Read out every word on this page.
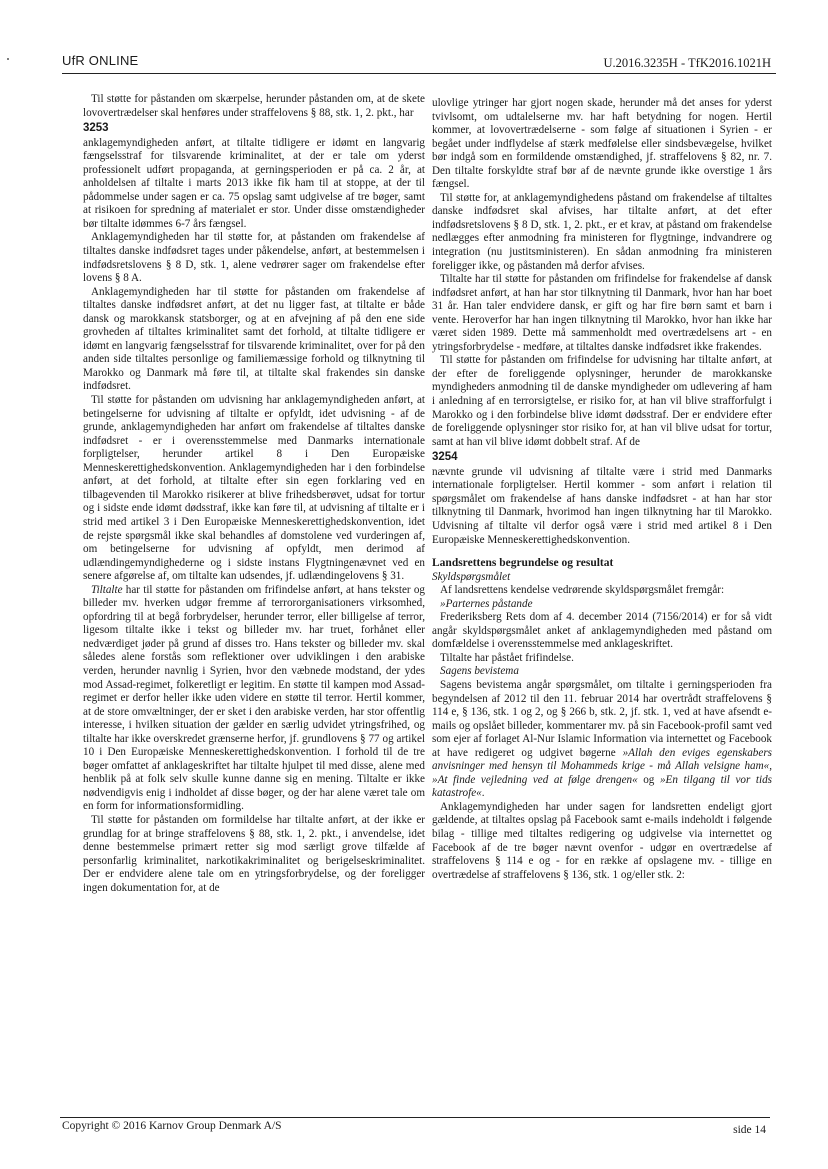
UfR ONLINE	U.2016.3235H - TfK2016.1021H

Til støtte for påstanden om skærpelse, herunder påstanden om, at de skete lovovertrædelser skal henføres under straffelovens § 88, stk. 1, 2. pkt., har

3253

anklagemyndigheden anført, at tiltalte tidligere er idømt en langvarig fængselsstraf for tilsvarende kriminalitet, at der er tale om yderst professionelt udført propaganda, at gerningsperioden er på ca. 2 år, at anholdelsen af tiltalte i marts 2013 ikke fik ham til at stoppe, at der til pådommelse under sagen er ca. 75 opslag samt udgivelse af tre bøger, samt at risikoen for spredning af materialet er stor. Under disse omstændigheder bør tiltalte idømmes 6-7 års fængsel.

Anklagemyndigheden har til støtte for, at påstanden om frakendelse af tiltaltes danske indfødsret tages under påkendelse, anført, at bestemmelsen i indfødsretslovens § 8 D, stk. 1, alene vedrører sager om frakendelse efter lovens § 8 A.

Anklagemyndigheden har til støtte for påstanden om frakendelse af tiltaltes danske indfødsret anført, at det nu ligger fast, at tiltalte er både dansk og marokkansk statsborger, og at en afvejning af på den ene side grovheden af tiltaltes kriminalitet samt det forhold, at tiltalte tidligere er idømt en langvarig fængselsstraf for tilsvarende kriminalitet, over for på den anden side tiltaltes personlige og familiemæssige forhold og tilknytning til Marokko og Danmark må føre til, at tiltalte skal frakendes sin danske indfødsret.

Til støtte for påstanden om udvisning har anklagemyndigheden anført, at betingelserne for udvisning af tiltalte er opfyldt, idet udvisning - af de grunde, anklagemyndigheden har anført om frakendelse af tiltaltes danske indfødsret - er i overensstemmelse med Danmarks internationale forpligtelser, herunder artikel 8 i Den Europæiske Menneskerettighedskonvention. Anklagemyndigheden har i den forbindelse anført, at det forhold, at tiltalte efter sin egen forklaring ved en tilbagevenden til Marokko risikerer at blive frihedsberøvet, udsat for tortur og i sidste ende idømt dødsstraf, ikke kan føre til, at udvisning af tiltalte er i strid med artikel 3 i Den Europæiske Menneskerettighedskonvention, idet de rejste spørgsmål ikke skal behandles af domstolene ved vurderingen af, om betingelserne for udvisning af opfyldt, men derimod af udlændingemyndighederne og i sidste instans Flygtningenævnet ved en senere afgørelse af, om tiltalte kan udsendes, jf. udlændingelovens § 31.

Tiltalte har til støtte for påstanden om frifindelse anført, at hans tekster og billeder mv. hverken udgør fremme af terrororganisationers virksomhed, opfordring til at begå forbrydelser, herunder terror, eller billigelse af terror, ligesom tiltalte ikke i tekst og billeder mv. har truet, forhånet eller nedværdiget jøder på grund af disses tro. Hans tekster og billeder mv. skal således alene forstås som reflektioner over udviklingen i den arabiske verden, herunder navnlig i Syrien, hvor den væbnede modstand, der ydes mod Assad-regimet, folkeretligt er legitim. En støtte til kampen mod Assad-regimet er derfor heller ikke uden videre en støtte til terror. Hertil kommer, at de store omvæltninger, der er sket i den arabiske verden, har stor offentlig interesse, i hvilken situation der gælder en særlig udvidet ytringsfrihed, og tiltalte har ikke overskredet grænserne herfor, jf. grundlovens § 77 og artikel 10 i Den Europæiske Menneskerettighedskonvention. I forhold til de tre bøger omfattet af anklageskriftet har tiltalte hjulpet til med disse, alene med henblik på at folk selv skulle kunne danne sig en mening. Tiltalte er ikke nødvendigvis enig i indholdet af disse bøger, og der har alene været tale om en form for informationsformidling.

Til støtte for påstanden om formildelse har tiltalte anført, at der ikke er grundlag for at bringe straffelovens § 88, stk. 1, 2. pkt., i anvendelse, idet denne bestemmelse primært retter sig mod særligt grove tilfælde af personfarlig kriminalitet, narkotikakriminalitet og berigelseskriminalitet. Der er endvidere alene tale om en ytringsforbrydelse, og der foreligger ingen dokumentation for, at de

ulovlige ytringer har gjort nogen skade, herunder må det anses for yderst tvivlsomt, om udtalelserne mv. har haft betydning for nogen. Hertil kommer, at lovovertrædelserne - som følge af situationen i Syrien - er begået under indflydelse af stærk medfølelse eller sindsbevægelse, hvilket bør indgå som en formildende omstændighed, jf. straffelovens § 82, nr. 7. Den tiltalte forskyldte straf bør af de nævnte grunde ikke overstige 1 års fængsel.

Til støtte for, at anklagemyndighedens påstand om frakendelse af tiltaltes danske indfødsret skal afvises, har tiltalte anført, at det efter indfødsretslovens § 8 D, stk. 1, 2. pkt., er et krav, at påstand om frakendelse nedlægges efter anmodning fra ministeren for flygtninge, indvandrere og integration (nu justitsministeren). En sådan anmodning fra ministeren foreligger ikke, og påstanden må derfor afvises.

Tiltalte har til støtte for påstanden om frifindelse for frakendelse af dansk indfødsret anført, at han har stor tilknytning til Danmark, hvor han har boet 31 år. Han taler endvidere dansk, er gift og har fire børn samt et barn i vente. Heroverfor har han ingen tilknytning til Marokko, hvor han ikke har været siden 1989. Dette må sammenholdt med overtrædelsens art - en ytringsforbrydelse - medføre, at tiltaltes danske indfødsret ikke frakendes.

Til støtte for påstanden om frifindelse for udvisning har tiltalte anført, at der efter de foreliggende oplysninger, herunder de marokkanske myndigheders anmodning til de danske myndigheder om udlevering af ham i anledning af en terrorsigtelse, er risiko for, at han vil blive strafforfulgt i Marokko og i den forbindelse blive idømt dødsstraf. Der er endvidere efter de foreliggende oplysninger stor risiko for, at han vil blive udsat for tortur, samt at han vil blive idømt dobbelt straf. Af de

3254

nævnte grunde vil udvisning af tiltalte være i strid med Danmarks internationale forpligtelser. Hertil kommer - som anført i relation til spørgsmålet om frakendelse af hans danske indfødsret - at han har stor tilknytning til Danmark, hvorimod han ingen tilknytning har til Marokko. Udvisning af tiltalte vil derfor også være i strid med artikel 8 i Den Europæiske Menneskerettighedskonvention.

Landsrettens begrundelse og resultat
Skyldspørgsmålet

Af landsrettens kendelse vedrørende skyldspørgsmålet fremgår:

»Parternes påstande

Frederiksberg Rets dom af 4. december 2014 (7156/2014) er for så vidt angår skyldspørgsmålet anket af anklagemyndigheden med påstand om domfældelse i overensstemmelse med anklageskriftet.

Tiltalte har påstået frifindelse.

Sagens bevistema

Sagens bevistema angår spørgsmålet, om tiltalte i gerningsperioden fra begyndelsen af 2012 til den 11. februar 2014 har overtrådt straffelovens § 114 e, § 136, stk. 1 og 2, og § 266 b, stk. 2, jf. stk. 1, ved at have afsendt e-mails og opslået billeder, kommentarer mv. på sin Facebook-profil samt ved som ejer af forlaget Al-Nur Islamic Information via internettet og Facebook at have redigeret og udgivet bøgerne »Allah den eviges egenskabers anvisninger med hensyn til Mohammeds krige - må Allah velsigne ham«, »At finde vejledning ved at følge drengen« og »En tilgang til vor tids katastrofe«.

Anklagemyndigheden har under sagen for landsretten endeligt gjort gældende, at tiltaltes opslag på Facebook samt e-mails indeholdt i følgende bilag - tillige med tiltaltes redigering og udgivelse via internettet og Facebook af de tre bøger nævnt ovenfor - udgør en overtrædelse af straffelovens § 114 e og - for en række af opslagene mv. - tillige en overtrædelse af straffelovens § 136, stk. 1 og/eller stk. 2:

Copyright © 2016 Karnov Group Denmark A/S	side 14
